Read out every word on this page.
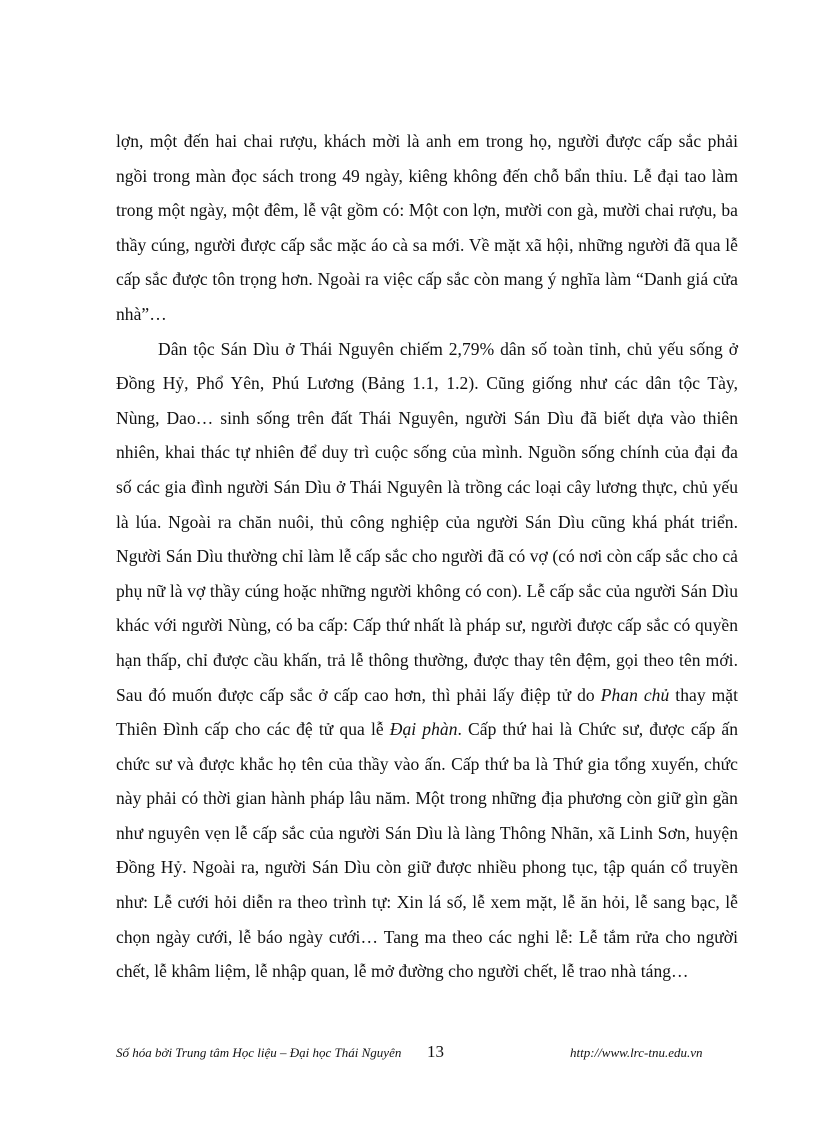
lợn, một đến hai chai rượu, khách mời là anh em trong họ, người được cấp sắc phải ngồi trong màn đọc sách trong 49 ngày, kiêng không đến chỗ bẩn thỉu. Lễ đại tao làm trong một ngày, một đêm, lễ vật gồm có: Một con lợn, mười con gà, mười chai rượu, ba thầy cúng, người được cấp sắc mặc áo cà sa mới. Về mặt xã hội, những người đã qua lễ cấp sắc được tôn trọng hơn. Ngoài ra việc cấp sắc còn mang ý nghĩa làm “Danh giá cửa nhà”…

Dân tộc Sán Dìu ở Thái Nguyên chiếm 2,79% dân số toàn tỉnh, chủ yếu sống ở Đồng Hỷ, Phổ Yên, Phú Lương (Bảng 1.1, 1.2). Cũng giống như các dân tộc Tày, Nùng, Dao… sinh sống trên đất Thái Nguyên, người Sán Dìu đã biết dựa vào thiên nhiên, khai thác tự nhiên để duy trì cuộc sống của mình. Nguồn sống chính của đại đa số các gia đình người Sán Dìu ở Thái Nguyên là trồng các loại cây lương thực, chủ yếu là lúa. Ngoài ra chăn nuôi, thủ công nghiệp của người Sán Dìu cũng khá phát triển. Người Sán Dìu thường chỉ làm lễ cấp sắc cho người đã có vợ (có nơi còn cấp sắc cho cả phụ nữ là vợ thầy cúng hoặc những người không có con). Lễ cấp sắc của người Sán Dìu khác với người Nùng, có ba cấp: Cấp thứ nhất là pháp sư, người được cấp sắc có quyền hạn thấp, chỉ được cầu khấn, trả lễ thông thường, được thay tên đệm, gọi theo tên mới. Sau đó muốn được cấp sắc ở cấp cao hơn, thì phải lấy điệp tử do Phan chủ thay mặt Thiên Đình cấp cho các đệ tử qua lễ Đại phàn. Cấp thứ hai là Chức sư, được cấp ấn chức sư và được khắc họ tên của thầy vào ấn. Cấp thứ ba là Thứ gia tổng xuyến, chức này phải có thời gian hành pháp lâu năm. Một trong những địa phương còn giữ gìn gần như nguyên vẹn lễ cấp sắc của người Sán Dìu là làng Thông Nhãn, xã Linh Sơn, huyện Đồng Hỷ. Ngoài ra, người Sán Dìu còn giữ được nhiều phong tục, tập quán cổ truyền như: Lễ cưới hỏi diễn ra theo trình tự: Xin lá số, lễ xem mặt, lễ ăn hỏi, lễ sang bạc, lễ chọn ngày cưới, lễ báo ngày cưới… Tang ma theo các nghi lễ: Lễ tắm rửa cho người chết, lễ khâm liệm, lễ nhập quan, lễ mở đường cho người chết, lễ trao nhà táng…

Số hóa bởi Trung tâm Học liệu – Đại học Thái Nguyên 13	http://www.lrc-tnu.edu.vn
